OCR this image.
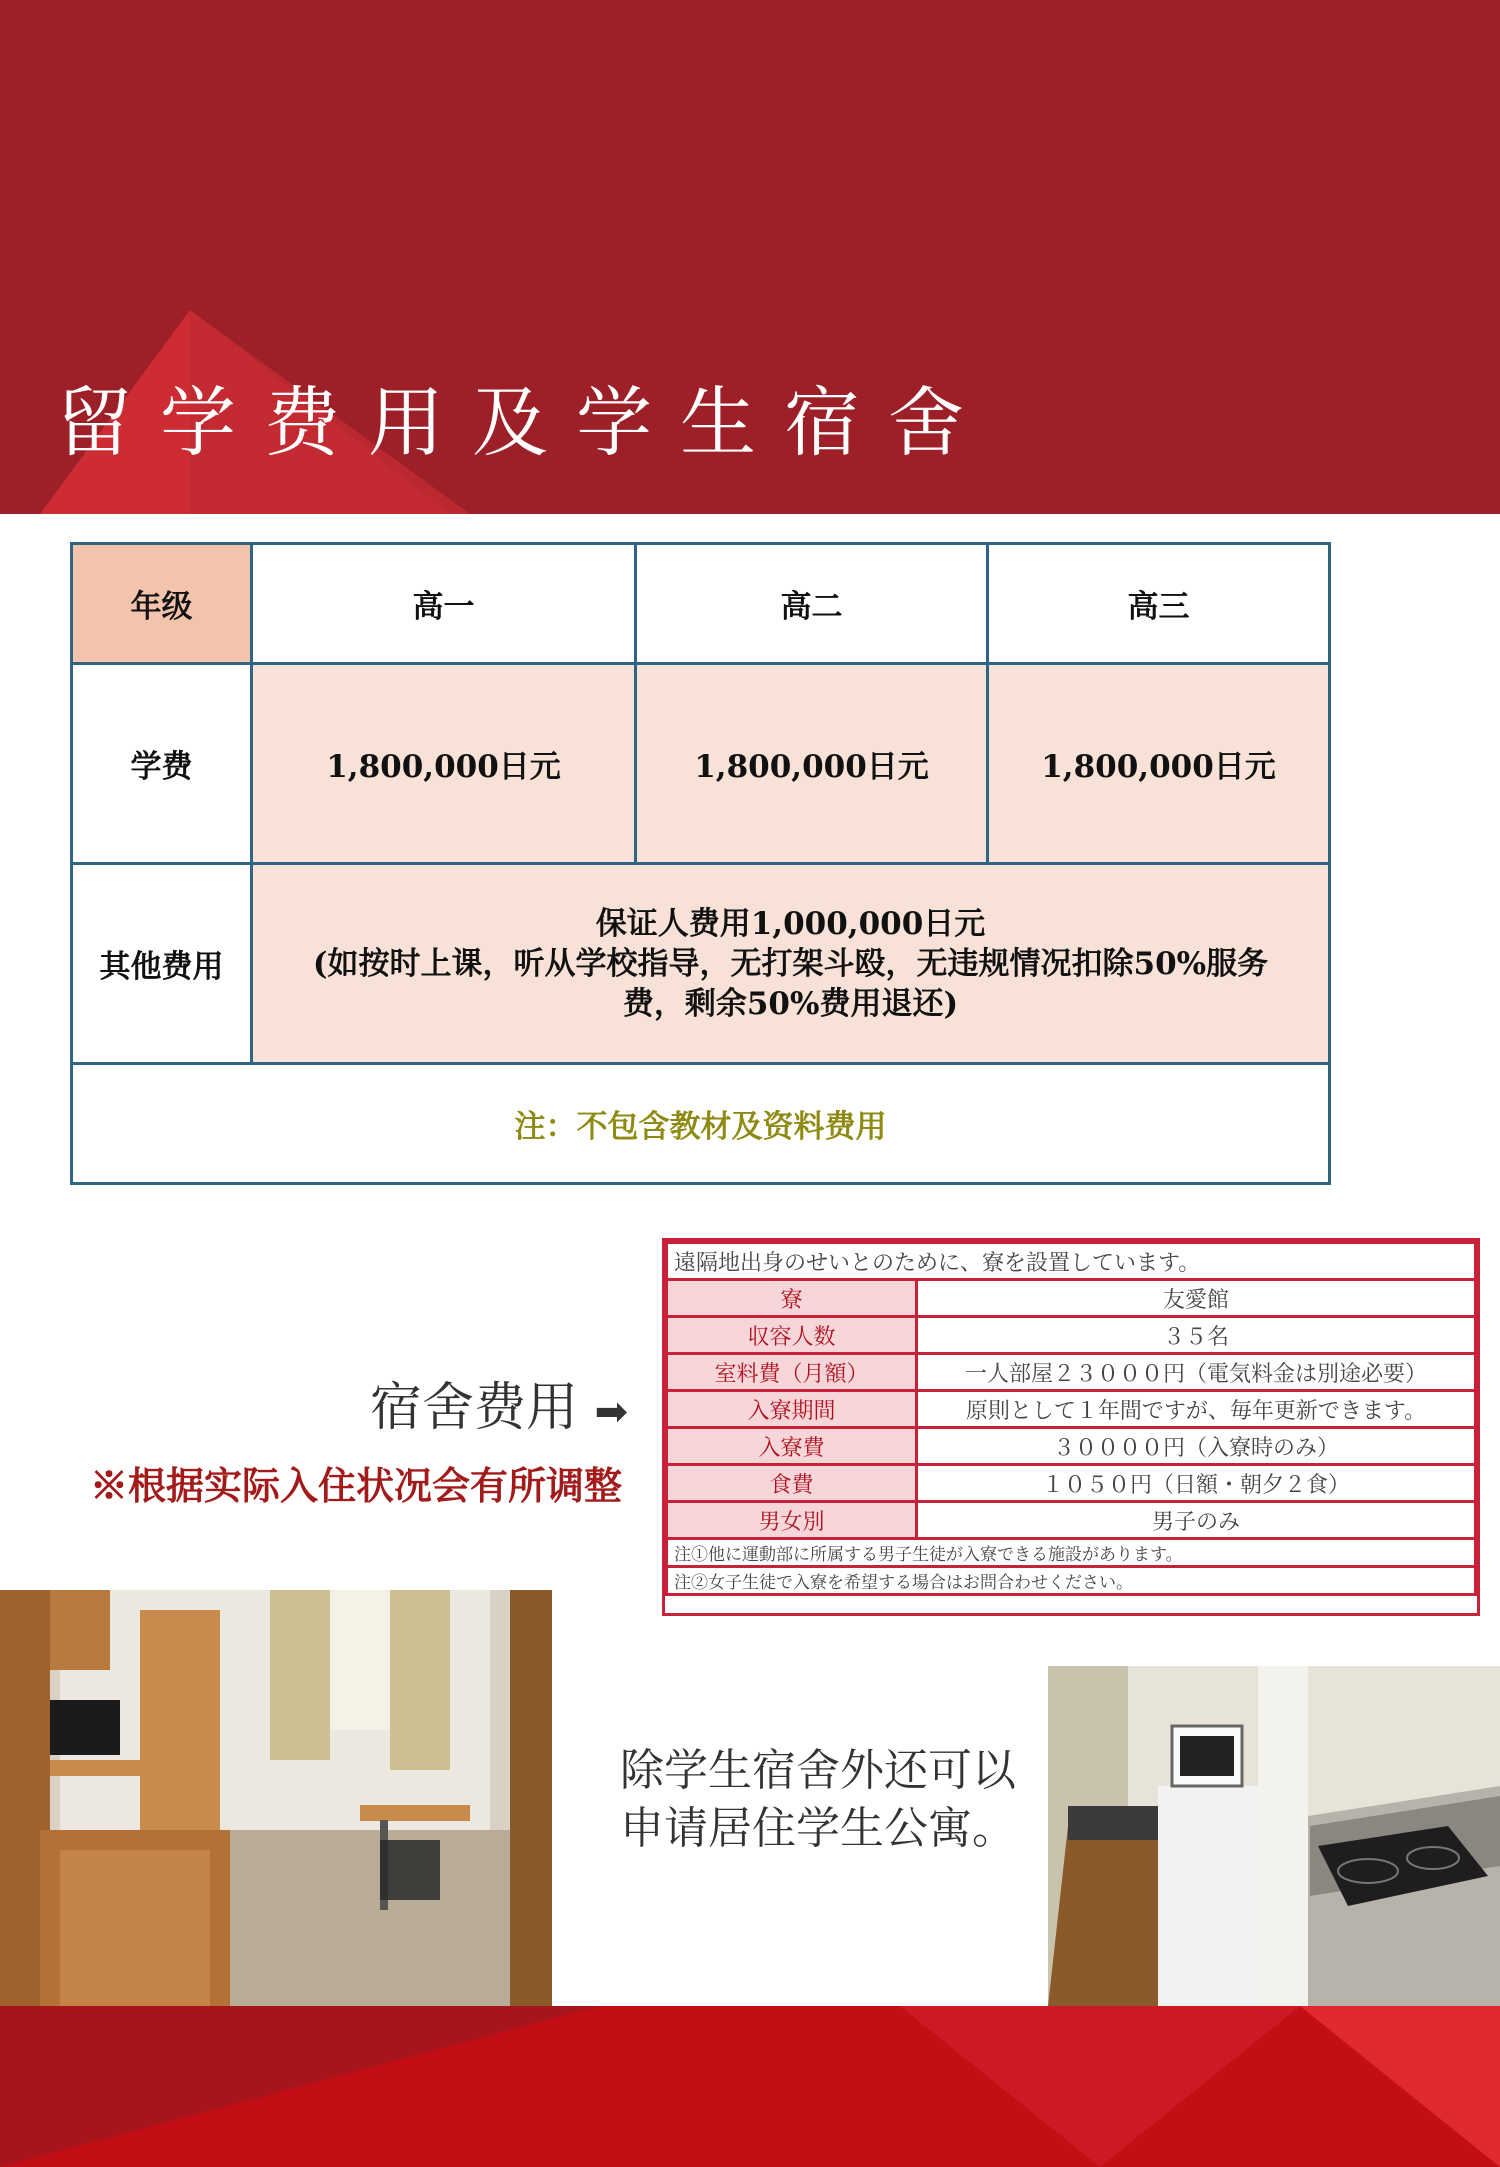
留学费用及学生宿舍
年级	高一	高二	高三
学费	1,800,000日元	1,800,000日元	1,800,000日元
其他费用	保证人费用1,000,000日元
(如按时上课，听从学校指导，无打架斗殴，无违规情况扣除50%服务
费，剩余50%费用退还)		

注：不包含教材及资料费用			
宿舍费用 ➡
※根据实际入住状况会有所调整
遠隔地出身のせいとのために、寮を設置しています。	
寮	友愛館
収容人数	３５名
室料費（月額）	一人部屋２３０００円（電気料金は別途必要）
入寮期間	原則として１年間ですが、毎年更新できます。
入寮費	３００００円（入寮時のみ）
食費	１０５０円（日額・朝夕２食）
男女別	男子のみ
注①他に運動部に所属する男子生徒が入寮できる施設があります。	
注②女子生徒で入寮を希望する場合はお問合わせください。	
除学生宿舍外还可以申请居住学生公寓。
